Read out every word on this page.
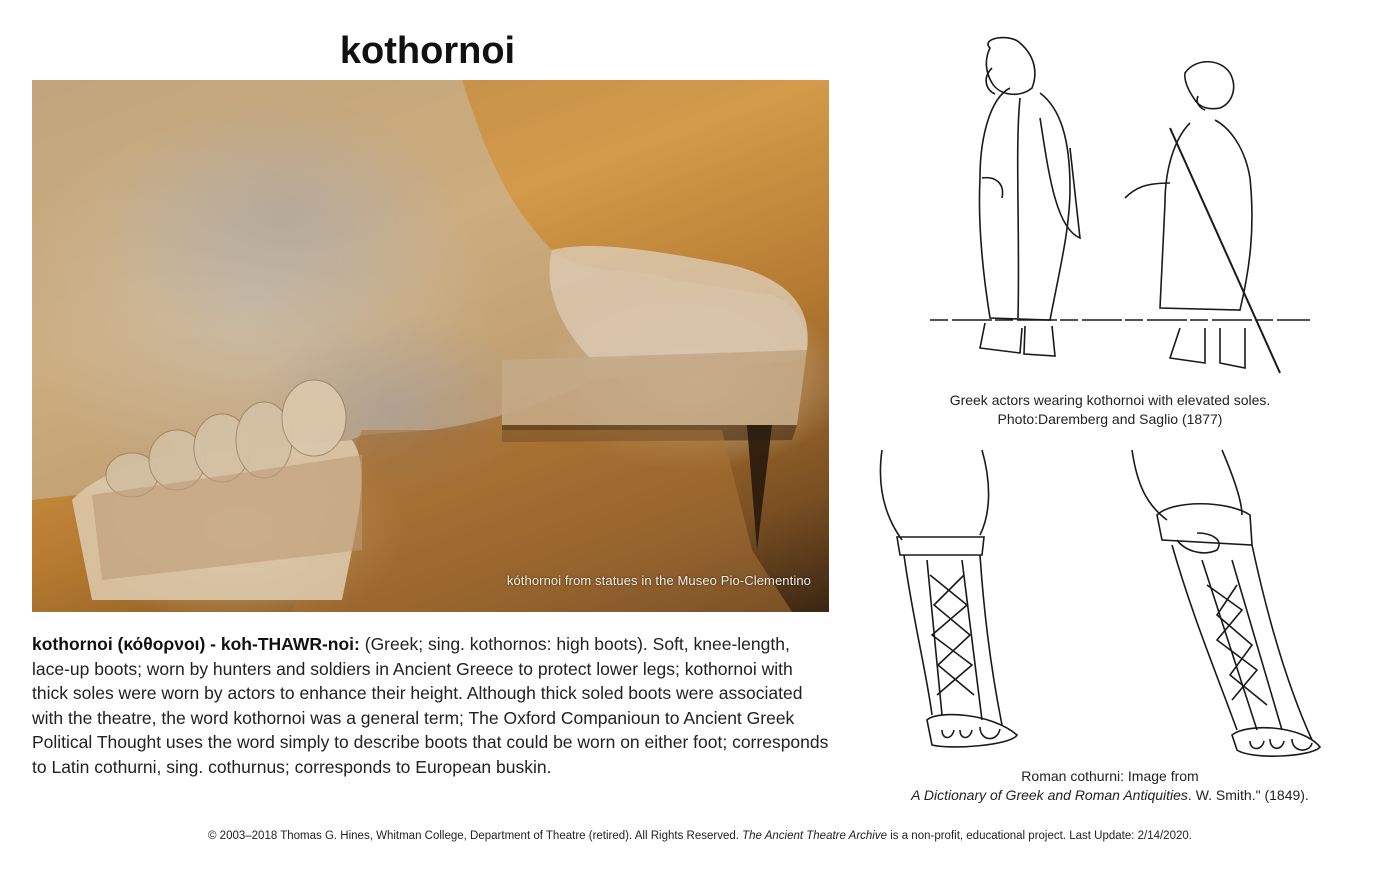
kothornoi
kóthornoi from statues in the Museo Pio-Clementino
kothornoi (κόθορνοι) - koh-THAWR-noi: (Greek; sing. kothornos: high boots). Soft, knee-length, lace-up boots; worn by hunters and soldiers in Ancient Greece to protect lower legs; kothornoi with thick soles were worn by actors to enhance their height. Although thick soled boots were associated with the theatre, the word kothornoi was a general term; The Oxford Companioun to Ancient Greek Political Thought uses the word simply to describe boots that could be worn on either foot; corresponds to Latin cothurni, sing. cothurnus; corresponds to European buskin.
Greek actors wearing kothornoi with elevated soles.
Photo:Daremberg and Saglio (1877)
Roman cothurni: Image from
A Dictionary of Greek and Roman Antiquities. W. Smith." (1849).
© 2003–2018 Thomas G. Hines, Whitman College, Department of Theatre (retired). All Rights Reserved. The Ancient Theatre Archive is a non-profit, educational project. Last Update: 2/14/2020.
